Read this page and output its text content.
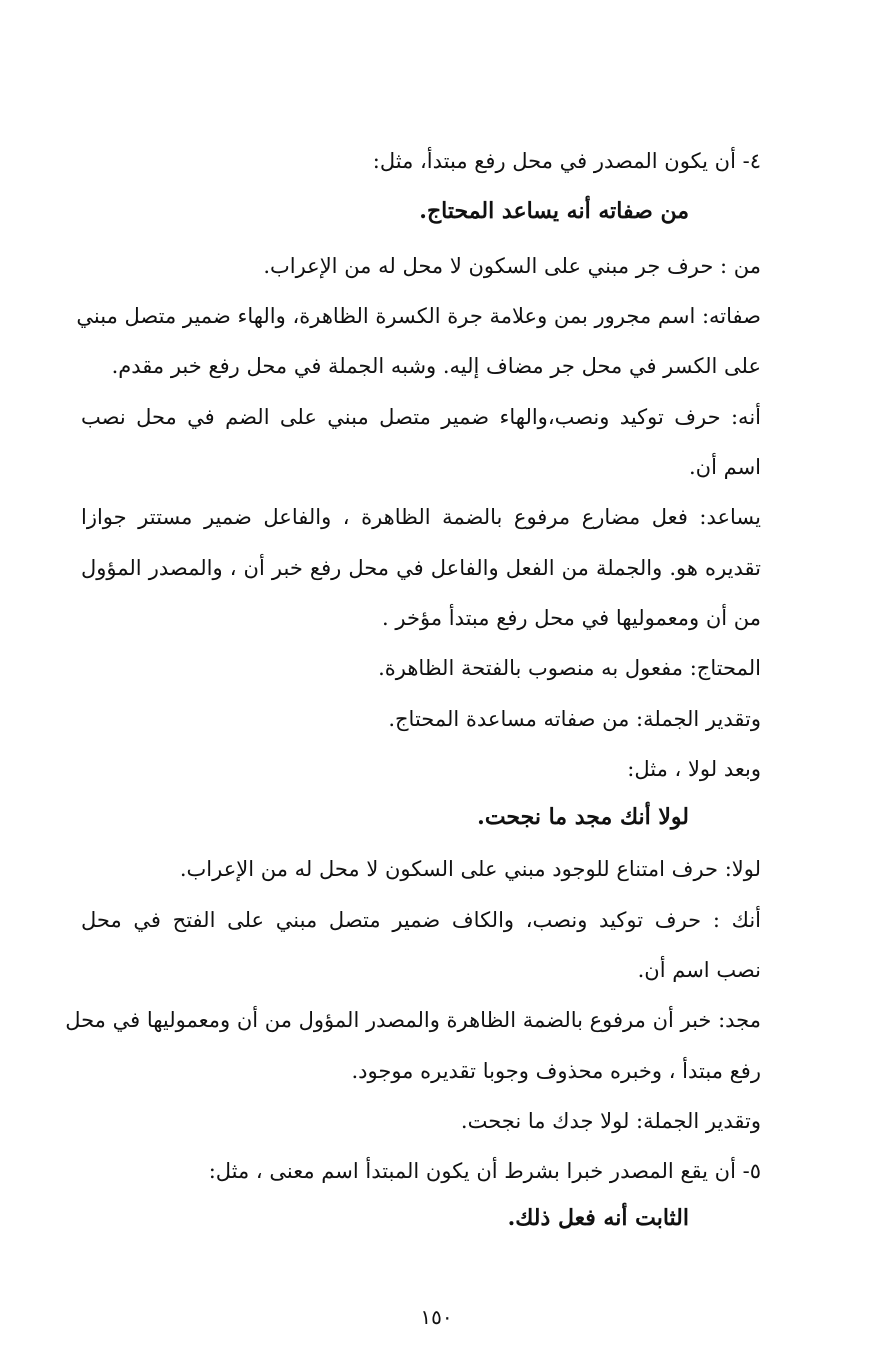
٤- أن يكون المصدر في محل رفع مبتدأ، مثل:

من صفاته أنه يساعد المحتاج.

من : حرف جر مبني على السكون لا محل له من الإعراب.

صفاته: اسم مجرور بمن وعلامة جرة الكسرة الظاهرة، والهاء ضمير متصل مبني

على الكسر في محل جر مضاف إليه. وشبه الجملة في محل رفع خبر مقدم.

أنه: حرف توكيد ونصب،والهاء ضمير متصل مبني على الضم في محل نصب

اسم أن.

يساعد: فعل مضارع مرفوع بالضمة الظاهرة ، والفاعل ضمير مستتر جوازا

تقديره هو. والجملة من الفعل والفاعل في محل رفع خبر أن ، والمصدر المؤول

من أن ومعموليها في محل رفع مبتدأ مؤخر .

المحتاج: مفعول به منصوب بالفتحة الظاهرة.

وتقدير الجملة: من صفاته مساعدة المحتاج.

وبعد لولا ، مثل:

لولا أنك مجد ما نجحت.

لولا: حرف امتناع للوجود مبني على السكون لا محل له من الإعراب.

أنك : حرف توكيد ونصب، والكاف ضمير متصل مبني على الفتح في محل

نصب اسم أن.

مجد: خبر أن مرفوع بالضمة الظاهرة والمصدر المؤول من أن ومعموليها في محل

رفع مبتدأ ، وخبره محذوف وجوبا تقديره موجود.

وتقدير الجملة: لولا جدك ما نجحت.

٥- أن يقع المصدر خبرا بشرط أن يكون المبتدأ اسم معنى ، مثل:

الثابت أنه فعل ذلك.

١٥٠
